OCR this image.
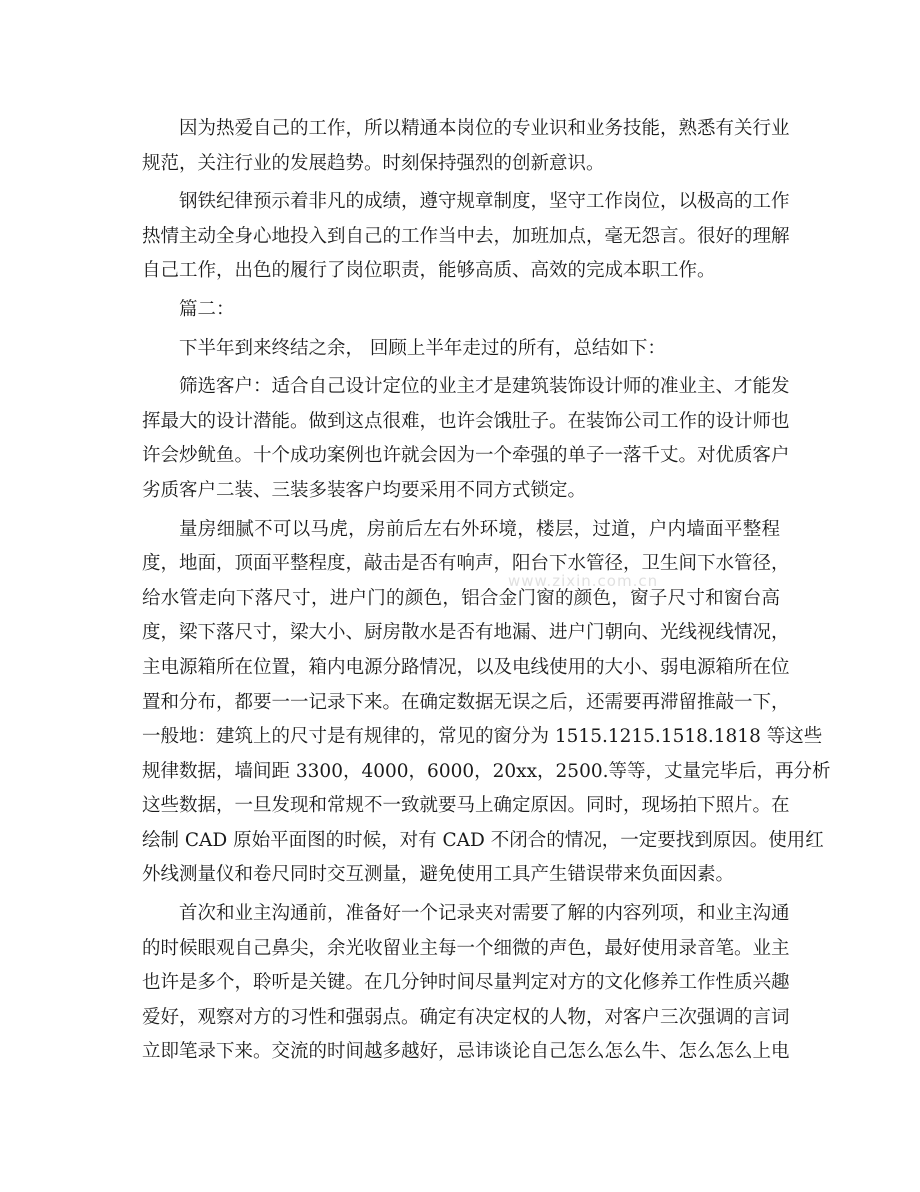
因为热爱自己的工作，所以精通本岗位的专业识和业务技能，熟悉有关行业
规范，关注行业的发展趋势。时刻保持强烈的创新意识。

钢铁纪律预示着非凡的成绩，遵守规章制度，坚守工作岗位，以极高的工作
热情主动全身心地投入到自己的工作当中去，加班加点，毫无怨言。很好的理解
自己工作，出色的履行了岗位职责，能够高质、高效的完成本职工作。

篇二：

下半年到来终结之余， 回顾上半年走过的所有，总结如下：

筛选客户：适合自己设计定位的业主才是建筑装饰设计师的准业主、才能发
挥最大的设计潜能。做到这点很难，也许会饿肚子。在装饰公司工作的设计师也
许会炒鱿鱼。十个成功案例也许就会因为一个牵强的单子一落千丈。对优质客户
劣质客户二装、三装多装客户均要采用不同方式锁定。

量房细腻不可以马虎，房前后左右外环境，楼层，过道，户内墙面平整程
度，地面，顶面平整程度，敲击是否有响声，阳台下水管径，卫生间下水管径，
给水管走向下落尺寸，进户门的颜色，铝合金门窗的颜色，窗子尺寸和窗台高
度，梁下落尺寸，梁大小、厨房散水是否有地漏、进户门朝向、光线视线情况，
主电源箱所在位置，箱内电源分路情况，以及电线使用的大小、弱电源箱所在位
置和分布，都要一一记录下来。在确定数据无误之后，还需要再滞留推敲一下，
一般地：建筑上的尺寸是有规律的，常见的窗分为 1515.1215.1518.1818 等这些
规律数据，墙间距 3300，4000，6000，20xx，2500.等等，丈量完毕后，再分析
这些数据，一旦发现和常规不一致就要马上确定原因。同时，现场拍下照片。在
绘制 CAD 原始平面图的时候，对有 CAD 不闭合的情况，一定要找到原因。使用红
外线测量仪和卷尺同时交互测量，避免使用工具产生错误带来负面因素。

首次和业主沟通前，准备好一个记录夹对需要了解的内容列项，和业主沟通
的时候眼观自己鼻尖，余光收留业主每一个细微的声色，最好使用录音笔。业主
也许是多个，聆听是关键。在几分钟时间尽量判定对方的文化修养工作性质兴趣
爱好，观察对方的习性和强弱点。确定有决定权的人物，对客户三次强调的言词
立即笔录下来。交流的时间越多越好，忌讳谈论自己怎么怎么牛、怎么怎么上电

www.zixin.com.cn
